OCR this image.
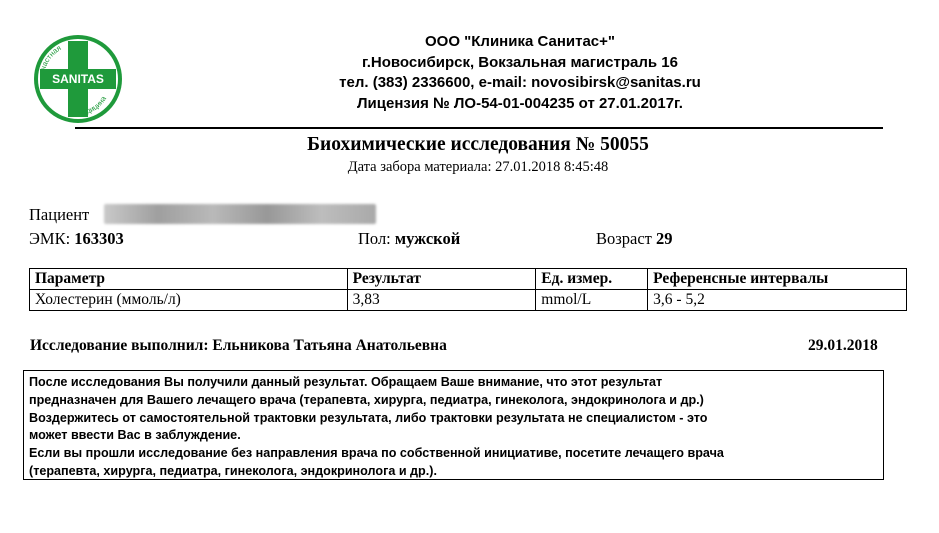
частная
медицина
SANITAS
ООО "Клиника Санитас+"
г.Новосибирск, Вокзальная магистраль 16
тел. (383) 2336600, e-mail: novosibirsk@sanitas.ru
Лицензия № ЛО-54-01-004235 от 27.01.2017г.
Биохимические исследования № 50055
Дата забора материала: 27.01.2018 8:45:48
Пациент
ЭМК: 163303	Пол: мужской	Возраст 29
Параметр	Результат	Ед. измер.	Референсные интервалы
Холестерин (ммоль/л)	3,83	mmol/L	3,6 - 5,2
Исследование выполнил: Ельникова Татьяна Анатольевна	29.01.2018
После исследования Вы получили данный результат. Обращаем Ваше внимание, что этот результат
предназначен для Вашего лечащего врача (терапевта, хирурга, педиатра, гинеколога, эндокринолога и др.)
Воздержитесь от самостоятельной трактовки результата, либо трактовки результата не специалистом - это
может ввести Вас в заблуждение.
Если вы прошли исследование без направления врача по собственной инициативе, посетите лечащего врача
(терапевта, хирурга, педиатра, гинеколога, эндокринолога и др.).
